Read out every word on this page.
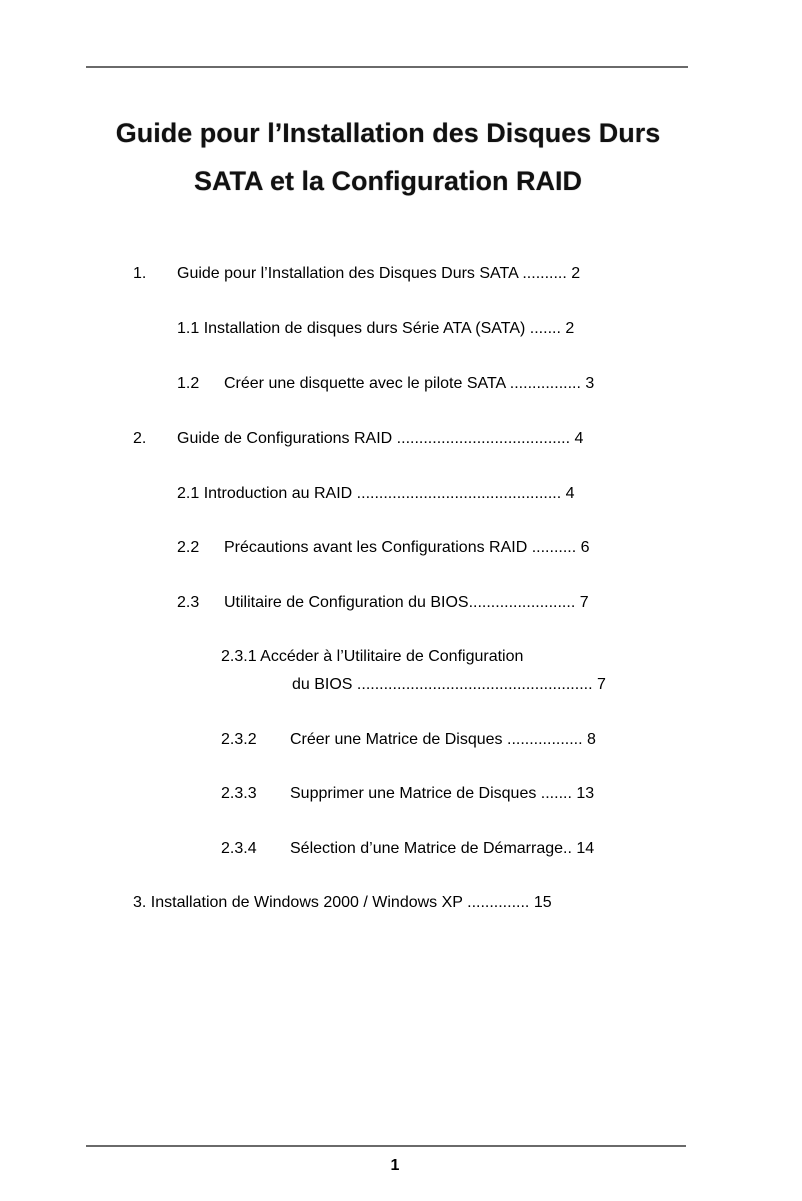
Guide pour l’Installation des Disques Durs
SATA et la Configuration RAID
1. Guide pour l’Installation des Disques Durs SATA .......... 2
1.1 Installation de disques durs Série ATA (SATA) ....... 2
1.2 Créer une disquette avec le pilote SATA ................ 3
2. Guide de Configurations RAID ....................................... 4
2.1 Introduction au RAID .............................................. 4
2.2 Précautions avant les Configurations RAID .......... 6
2.3 Utilitaire de Configuration du BIOS........................ 7
2.3.1 Accéder à l’Utilitaire de Configuration
du BIOS ..................................................... 7
2.3.2 Créer une Matrice de Disques ................. 8
2.3.3 Supprimer une Matrice de Disques ....... 13
2.3.4 Sélection d’une Matrice de Démarrage.. 14
3. Installation de Windows 2000 / Windows XP .............. 15
1
